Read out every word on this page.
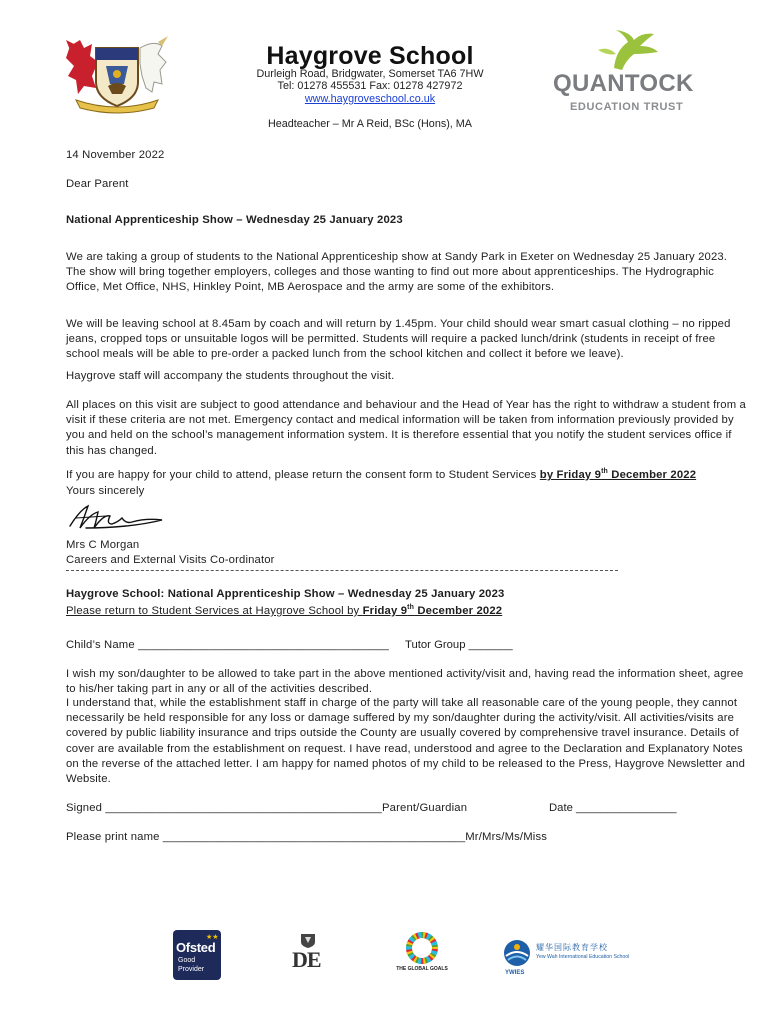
Haygrove School
Durleigh Road, Bridgwater, Somerset TA6 7HW
Tel: 01278 455531 Fax: 01278 427972
www.haygroveschool.co.uk
Headteacher – Mr A Reid, BSc (Hons), MA
QUANTOCK
EDUCATION TRUST
14 November 2022
Dear Parent
National Apprenticeship Show – Wednesday 25 January 2023
We are taking a group of students to the National Apprenticeship show at Sandy Park in Exeter on Wednesday 25 January 2023. The show will bring together employers, colleges and those wanting to find out more about apprenticeships. The Hydrographic Office, Met Office, NHS, Hinkley Point, MB Aerospace and the army are some of the exhibitors.
We will be leaving school at 8.45am by coach and will return by 1.45pm. Your child should wear smart casual clothing – no ripped jeans, cropped tops or unsuitable logos will be permitted. Students will require a packed lunch/drink (students in receipt of free school meals will be able to pre-order a packed lunch from the school kitchen and collect it before we leave).
Haygrove staff will accompany the students throughout the visit.
All places on this visit are subject to good attendance and behaviour and the Head of Year has the right to withdraw a student from a visit if these criteria are not met. Emergency contact and medical information will be taken from information previously provided by you and held on the school’s management information system. It is therefore essential that you notify the student services office if this has changed.
If you are happy for your child to attend, please return the consent form to Student Services by Friday 9th December 2022
Yours sincerely
Mrs C Morgan
Careers and External Visits Co-ordinator
Haygrove School: National Apprenticeship Show – Wednesday 25 January 2023
Please return to Student Services at Haygrove School by Friday 9th December 2022
Child’s Name _______________________________________	Tutor Group _______
I wish my son/daughter to be allowed to take part in the above mentioned activity/visit and, having read the information sheet, agree to his/her taking part in any or all of the activities described.
I understand that, while the establishment staff in charge of the party will take all reasonable care of the young people, they cannot necessarily be held responsible for any loss or damage suffered by my son/daughter during the activity/visit. All activities/visits are covered by public liability insurance and trips outside the County are usually covered by comprehensive travel insurance. Details of cover are available from the establishment on request. I have read, understood and agree to the Declaration and Explanatory Notes on the reverse of the attached letter. I am happy for named photos of my child to be released to the Press, Haygrove Newsletter and Website.
Signed ___________________________________________Parent/Guardian	Date ________________
Please print name _______________________________________________Mr/Mrs/Ms/Miss
Ofsted
★★
Good
Provider	DE	THE GLOBAL GOALS
耀华国际教育学校
Yew Wah International Education School
YWIES
